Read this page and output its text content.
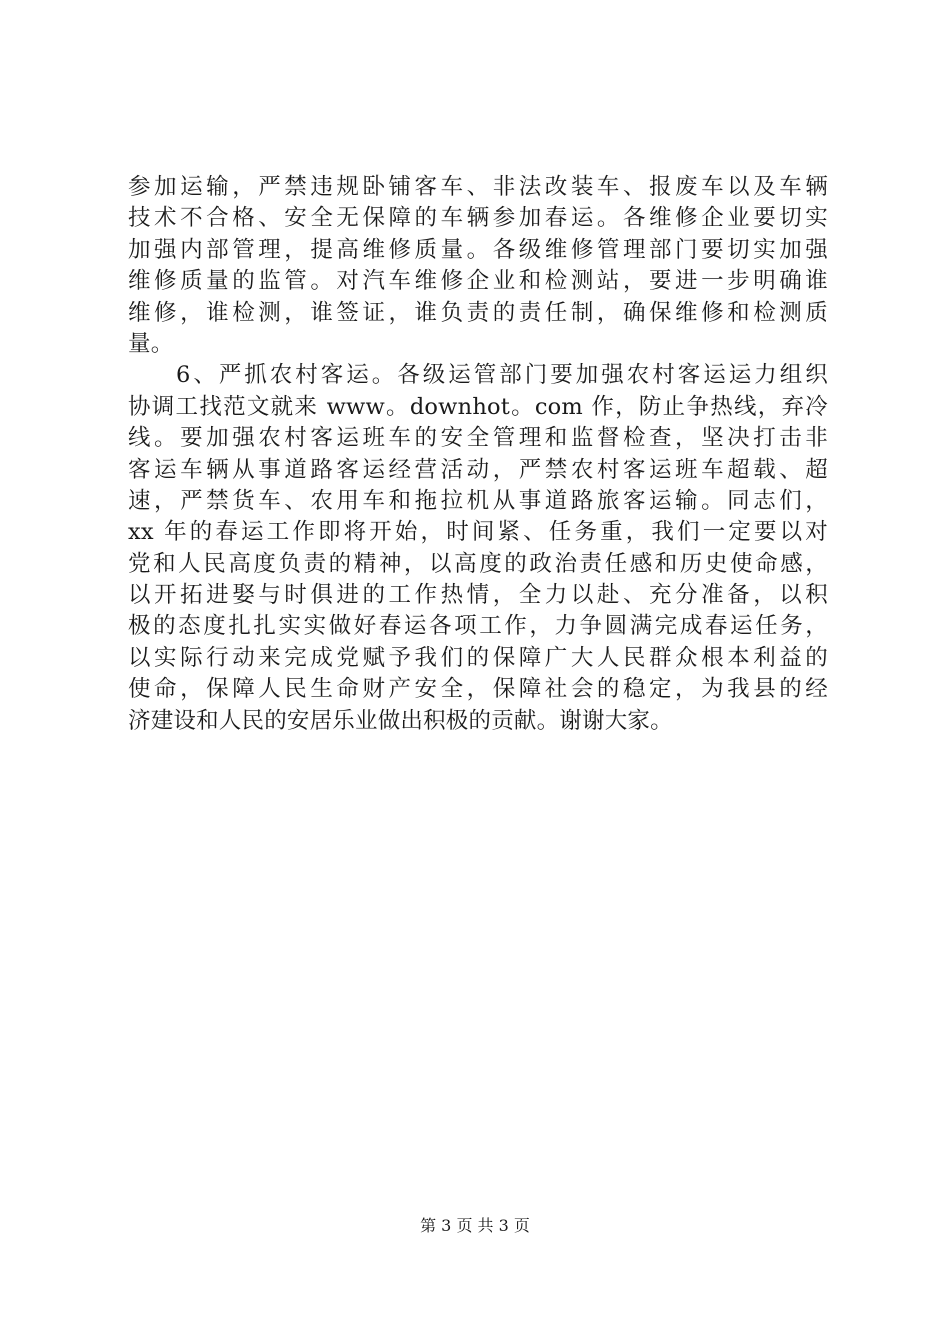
参加运输，严禁违规卧铺客车、非法改装车、报废车以及车辆
技术不合格、安全无保障的车辆参加春运。各维修企业要切实
加强内部管理，提高维修质量。各级维修管理部门要切实加强
维修质量的监管。对汽车维修企业和检测站，要进一步明确谁
维修，谁检测，谁签证，谁负责的责任制，确保维修和检测质
量。
6、严抓农村客运。各级运管部门要加强农村客运运力组织
协调工找范文就来 www。downhot。com 作，防止争热线，弃冷
线。要加强农村客运班车的安全管理和监督检查，坚决打击非
客运车辆从事道路客运经营活动，严禁农村客运班车超载、超
速，严禁货车、农用车和拖拉机从事道路旅客运输。同志们，
xx 年的春运工作即将开始，时间紧、任务重，我们一定要以对
党和人民高度负责的精神，以高度的政治责任感和历史使命感，
以开拓进娶与时俱进的工作热情，全力以赴、充分准备，以积
极的态度扎扎实实做好春运各项工作，力争圆满完成春运任务，
以实际行动来完成党赋予我们的保障广大人民群众根本利益的
使命，保障人民生命财产安全，保障社会的稳定，为我县的经
济建设和人民的安居乐业做出积极的贡献。谢谢大家。
第 3 页 共 3 页
